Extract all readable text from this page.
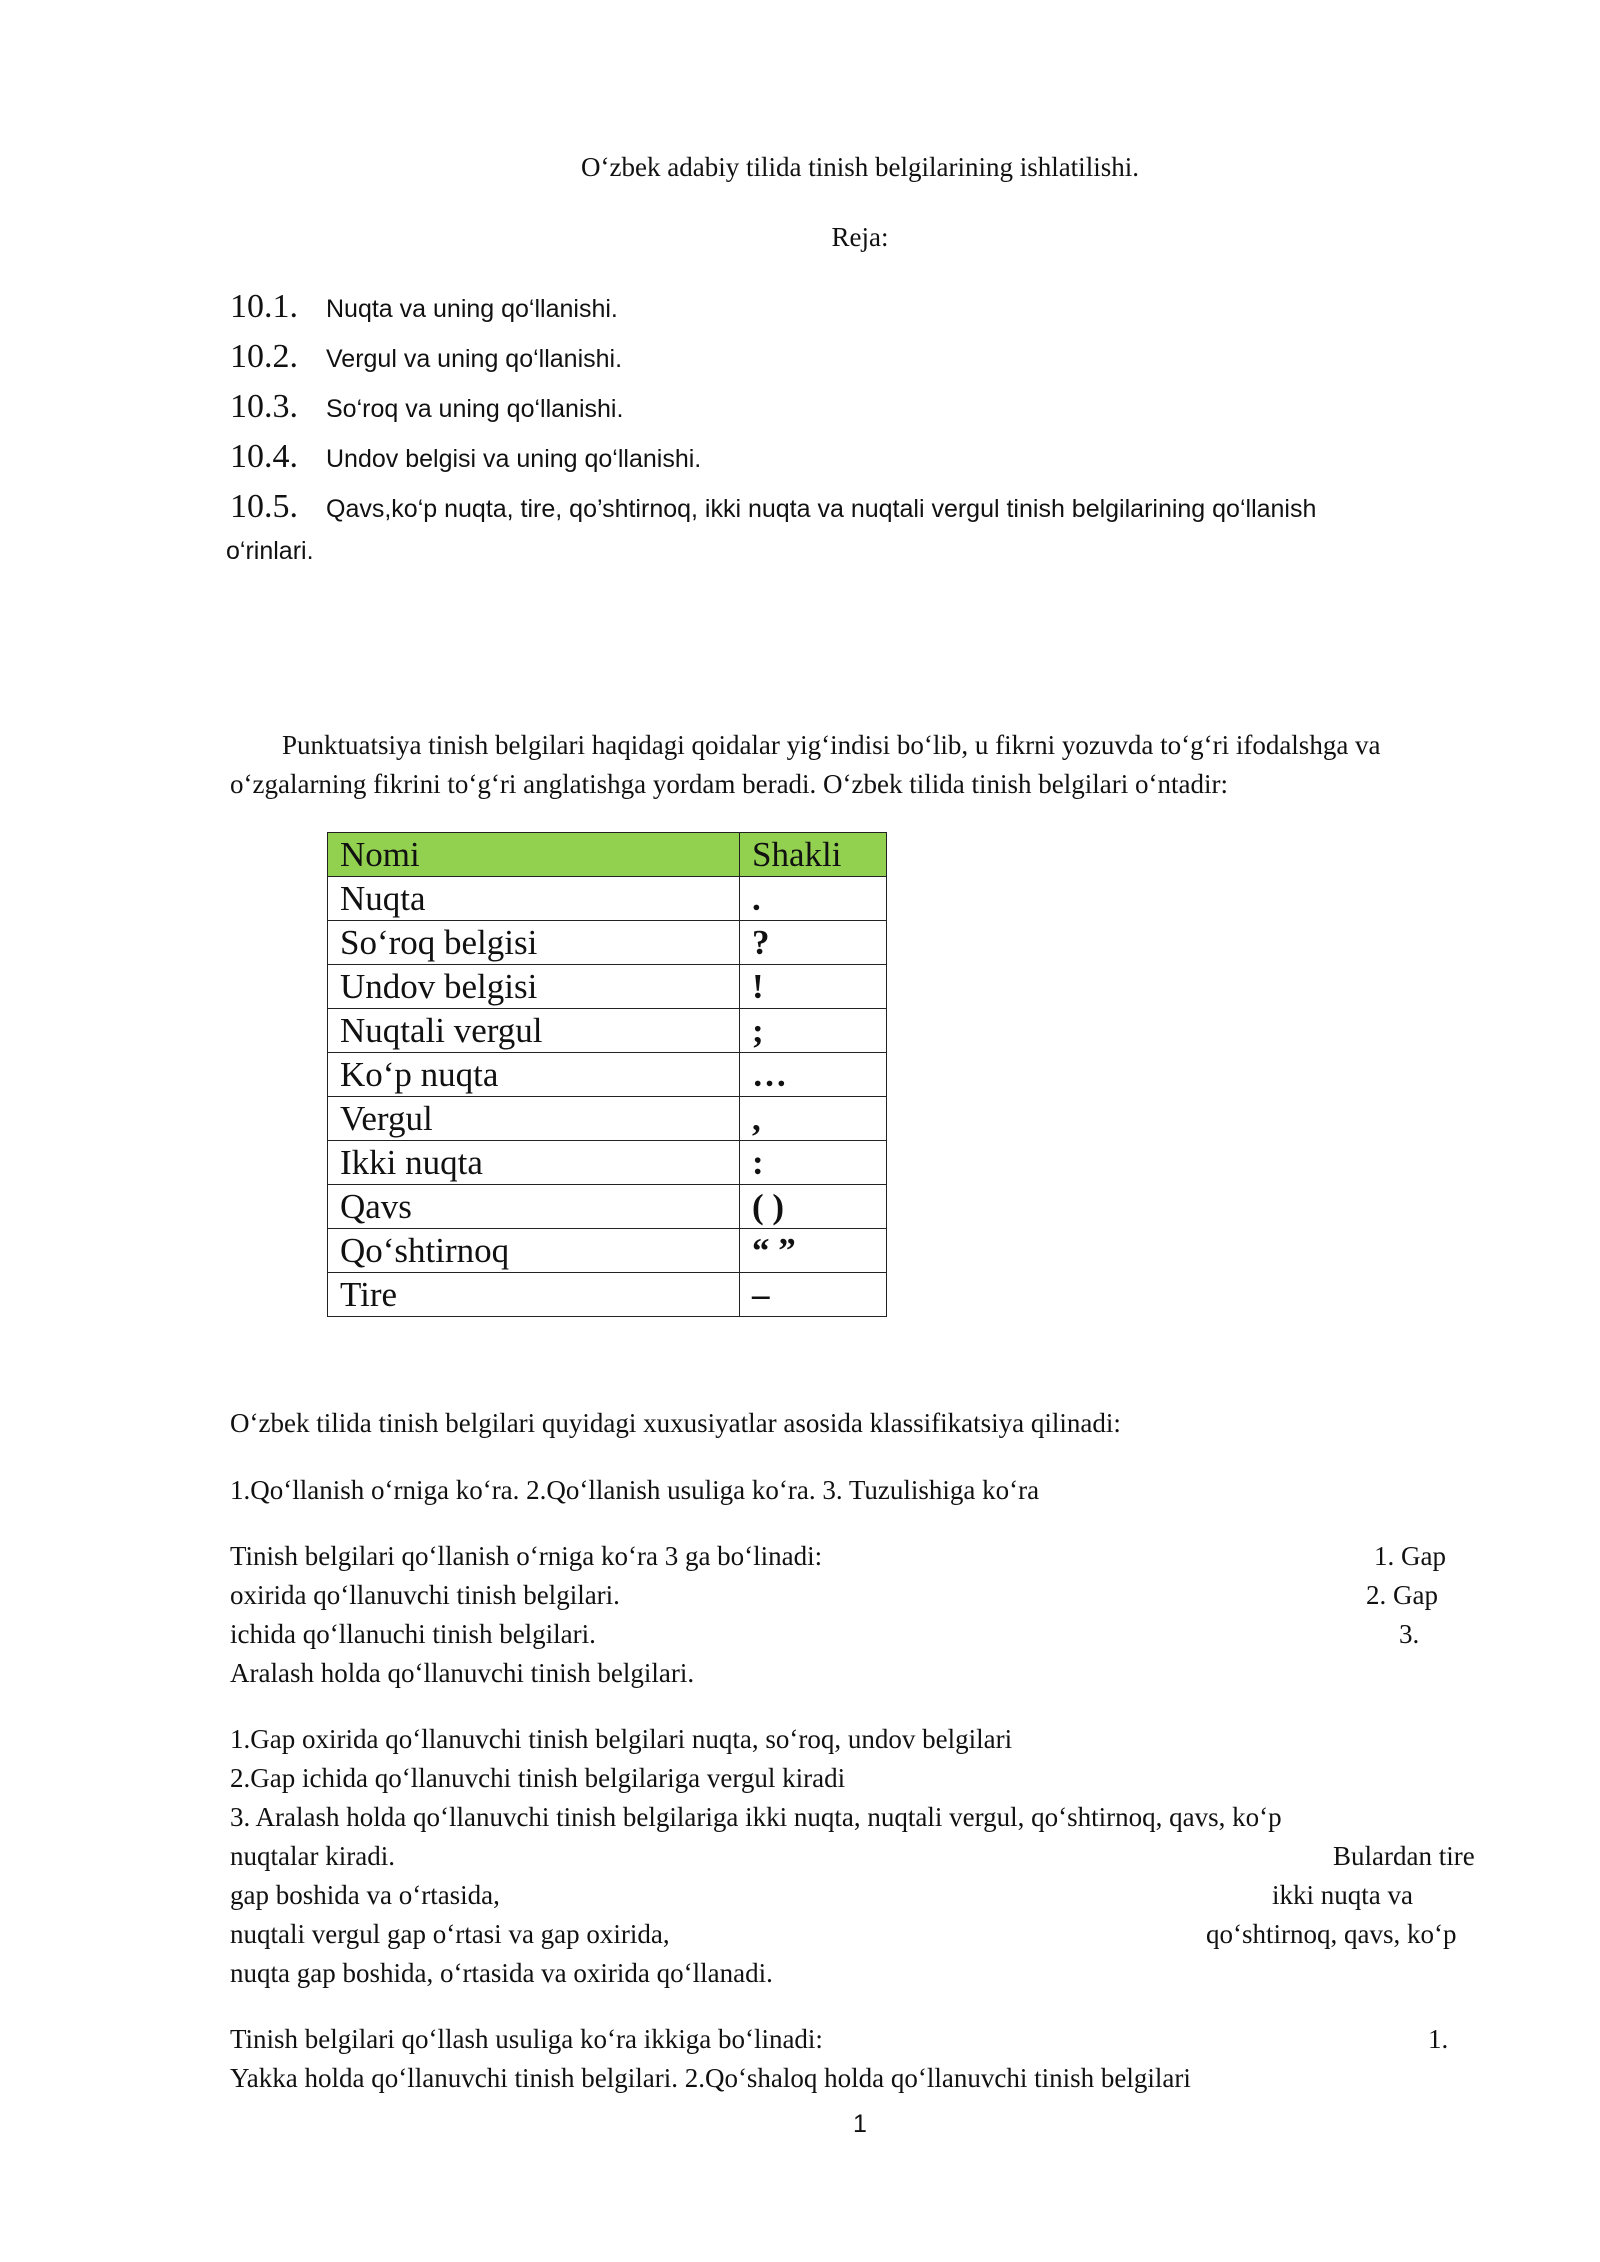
O‘zbek adabiy tilida tinish belgilarining ishlatilishi.
Reja:
10.1.	Nuqta va uning qo‘llanishi.
10.2.	Vergul va uning qo‘llanishi.
10.3.	So‘roq va uning qo‘llanishi.
10.4.	Undov belgisi va uning qo‘llanishi.
10.5.	Qavs,ko‘p nuqta, tire, qo’shtirnoq, ikki nuqta va nuqtali vergul tinish belgilarining qo‘llanish
o‘rinlari.
Punktuatsiya tinish belgilari haqidagi qoidalar yig‘indisi bo‘lib, u fikrni yozuvda to‘g‘ri ifodalshga va o‘zgalarning fikrini to‘g‘ri anglatishga yordam beradi. O‘zbek tilida tinish belgilari o‘ntadir:
Nomi	Shakli
Nuqta	.
So‘roq belgisi	?
Undov belgisi	!
Nuqtali vergul	;
Ko‘p nuqta	…
Vergul	,
Ikki nuqta	:
Qavs	( )
Qo‘shtirnoq	“ ”
Tire	–
O‘zbek tilida tinish belgilari quyidagi xuxusiyatlar asosida klassifikatsiya qilinadi:
1.Qo‘llanish o‘rniga ko‘ra. 2.Qo‘llanish usuliga ko‘ra. 3. Tuzulishiga ko‘ra
Tinish belgilari qo‘llanish o‘rniga ko‘ra 3 ga bo‘linadi:	1. Gap
oxirida qo‘llanuvchi tinish belgilari.	2. Gap
ichida qo‘llanuchi tinish belgilari.	3.
Aralash holda qo‘llanuvchi tinish belgilari.
1.Gap oxirida qo‘llanuvchi tinish belgilari nuqta, so‘roq, undov belgilari
2.Gap ichida qo‘llanuvchi tinish belgilariga vergul kiradi
3. Aralash holda qo‘llanuvchi tinish belgilariga ikki nuqta, nuqtali vergul, qo‘shtirnoq, qavs, ko‘p
nuqtalar kiradi.	Bulardan tire
gap boshida va o‘rtasida,	ikki nuqta va
nuqtali vergul gap o‘rtasi va gap oxirida,	qo‘shtirnoq, qavs, ko‘p
nuqta gap boshida, o‘rtasida va oxirida qo‘llanadi.
Tinish belgilari qo‘llash usuliga ko‘ra ikkiga bo‘linadi:	1.
Yakka holda qo‘llanuvchi tinish belgilari. 2.Qo‘shaloq holda qo‘llanuvchi tinish belgilari
1
